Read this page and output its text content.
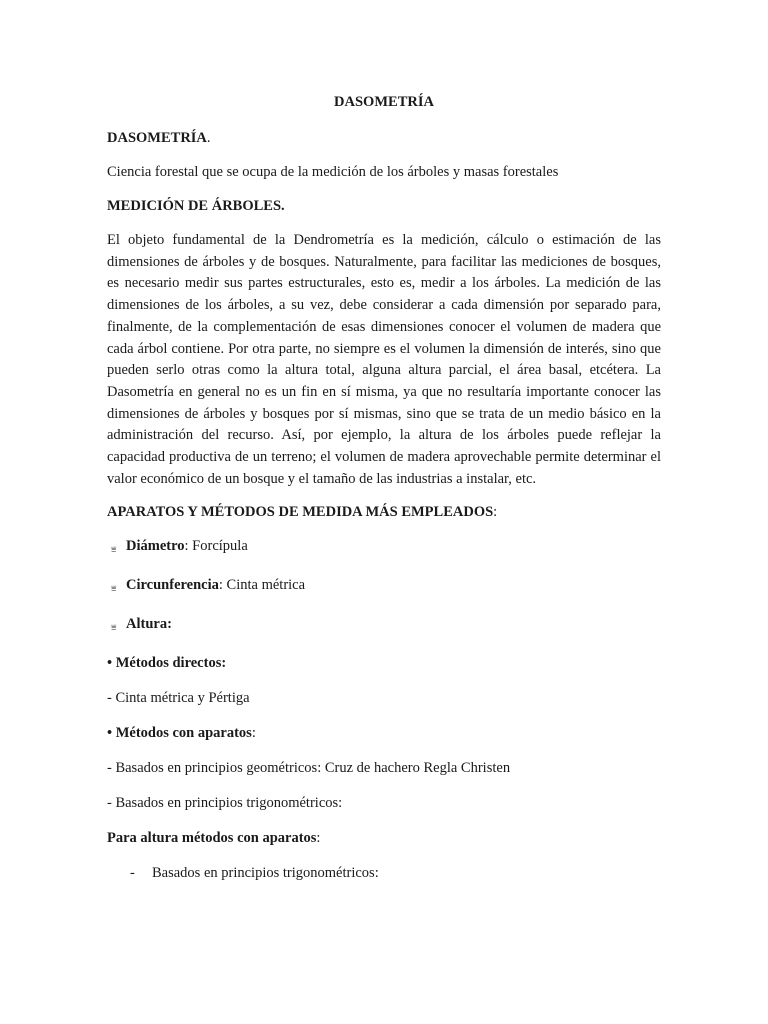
DASOMETRÍA
DASOMETRÍA.
Ciencia forestal que se ocupa de la medición de los árboles y masas forestales
MEDICIÓN DE ÁRBOLES.
El objeto fundamental de la Dendrometría es la medición, cálculo o estimación de las dimensiones de árboles y de bosques. Naturalmente, para facilitar las mediciones de bosques, es necesario medir sus partes estructurales, esto es, medir a los árboles. La medición de las dimensiones de los árboles, a su vez, debe considerar a cada dimensión por separado para, finalmente, de la complementación de esas dimensiones conocer el volumen de madera que cada árbol contiene. Por otra parte, no siempre es el volumen la dimensión de interés, sino que pueden serlo otras como la altura total, alguna altura parcial, el área basal, etcétera. La Dasometría en general no es un fin en sí misma, ya que no resultaría importante conocer las dimensiones de árboles y bosques por sí mismas, sino que se trata de un medio básico en la administración del recurso. Así, por ejemplo, la altura de los árboles puede reflejar la capacidad productiva de un terreno; el volumen de madera aprovechable permite determinar el valor económico de un bosque y el tamaño de las industrias a instalar, etc.
APARATOS Y MÉTODOS DE MEDIDA MÁS EMPLEADOS:
⩸ Diámetro: Forcípula
⩸ Circunferencia: Cinta métrica
⩸ Altura:
• Métodos directos:
- Cinta métrica y Pértiga
• Métodos con aparatos:
- Basados en principios geométricos: Cruz de hachero Regla Christen
- Basados en principios trigonométricos:
Para altura métodos con aparatos:
- Basados en principios trigonométricos:
